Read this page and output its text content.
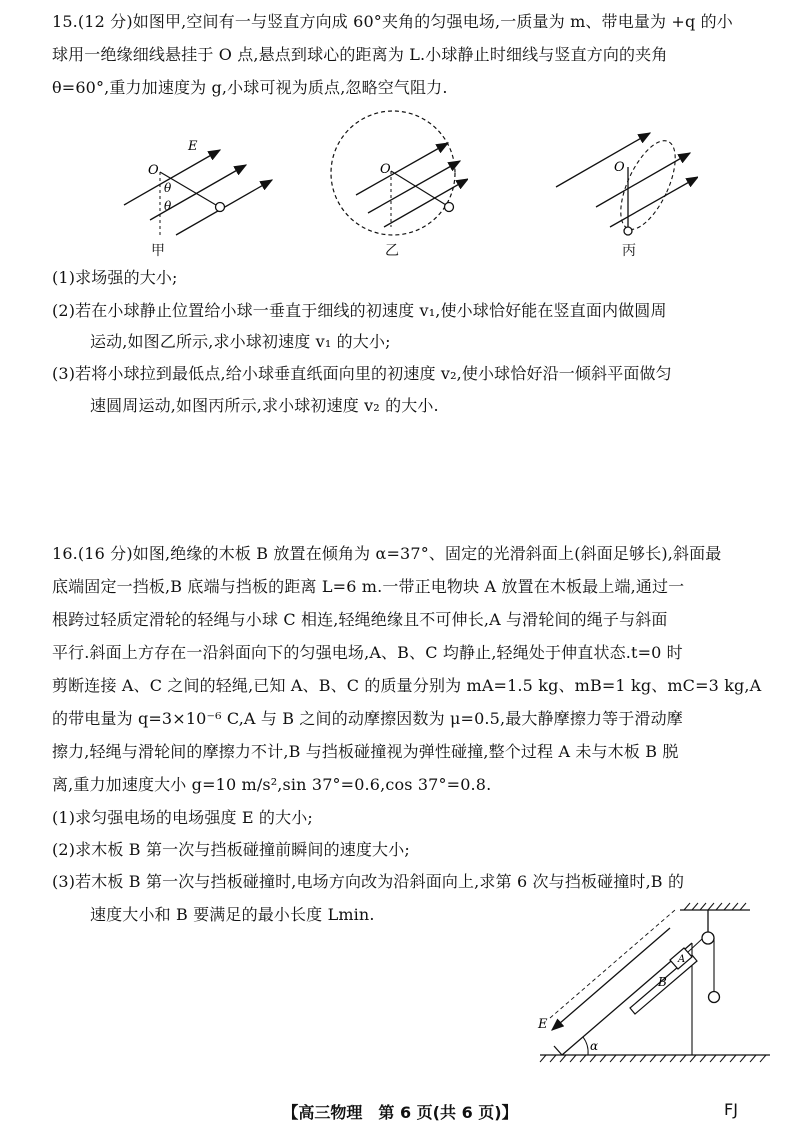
15.(12 分)如图甲,空间有一与竖直方向成 60°夹角的匀强电场,一质量为 m、带电量为 +q 的小
球用一绝缘细线悬挂于 O 点,悬点到球心的距离为 L.小球静止时细线与竖直方向的夹角
θ=60°,重力加速度为 g,小球可视为质点,忽略空气阻力.
E
O
θ
θ
甲
O
乙
O
丙
(1)求场强的大小;
(2)若在小球静止位置给小球一垂直于细线的初速度 v₁,使小球恰好能在竖直面内做圆周
运动,如图乙所示,求小球初速度 v₁ 的大小;
(3)若将小球拉到最低点,给小球垂直纸面向里的初速度 v₂,使小球恰好沿一倾斜平面做匀
速圆周运动,如图丙所示,求小球初速度 v₂ 的大小.
16.(16 分)如图,绝缘的木板 B 放置在倾角为 α=37°、固定的光滑斜面上(斜面足够长),斜面最
底端固定一挡板,B 底端与挡板的距离 L=6 m.一带正电物块 A 放置在木板最上端,通过一
根跨过轻质定滑轮的轻绳与小球 C 相连,轻绳绝缘且不可伸长,A 与滑轮间的绳子与斜面
平行.斜面上方存在一沿斜面向下的匀强电场,A、B、C 均静止,轻绳处于伸直状态.t=0 时
剪断连接 A、C 之间的轻绳,已知 A、B、C 的质量分别为 mA=1.5 kg、mB=1 kg、mC=3 kg,A
的带电量为 q=3×10⁻⁶ C,A 与 B 之间的动摩擦因数为 μ=0.5,最大静摩擦力等于滑动摩
擦力,轻绳与滑轮间的摩擦力不计,B 与挡板碰撞视为弹性碰撞,整个过程 A 未与木板 B 脱
离,重力加速度大小 g=10 m/s²,sin 37°=0.6,cos 37°=0.8.
(1)求匀强电场的电场强度 E 的大小;
(2)求木板 B 第一次与挡板碰撞前瞬间的速度大小;
(3)若木板 B 第一次与挡板碰撞时,电场方向改为沿斜面向上,求第 6 次与挡板碰撞时,B 的
速度大小和 B 要满足的最小长度 Lmin.
E
B
A
α
【高三物理　第 6 页(共 6 页)】	FJ
